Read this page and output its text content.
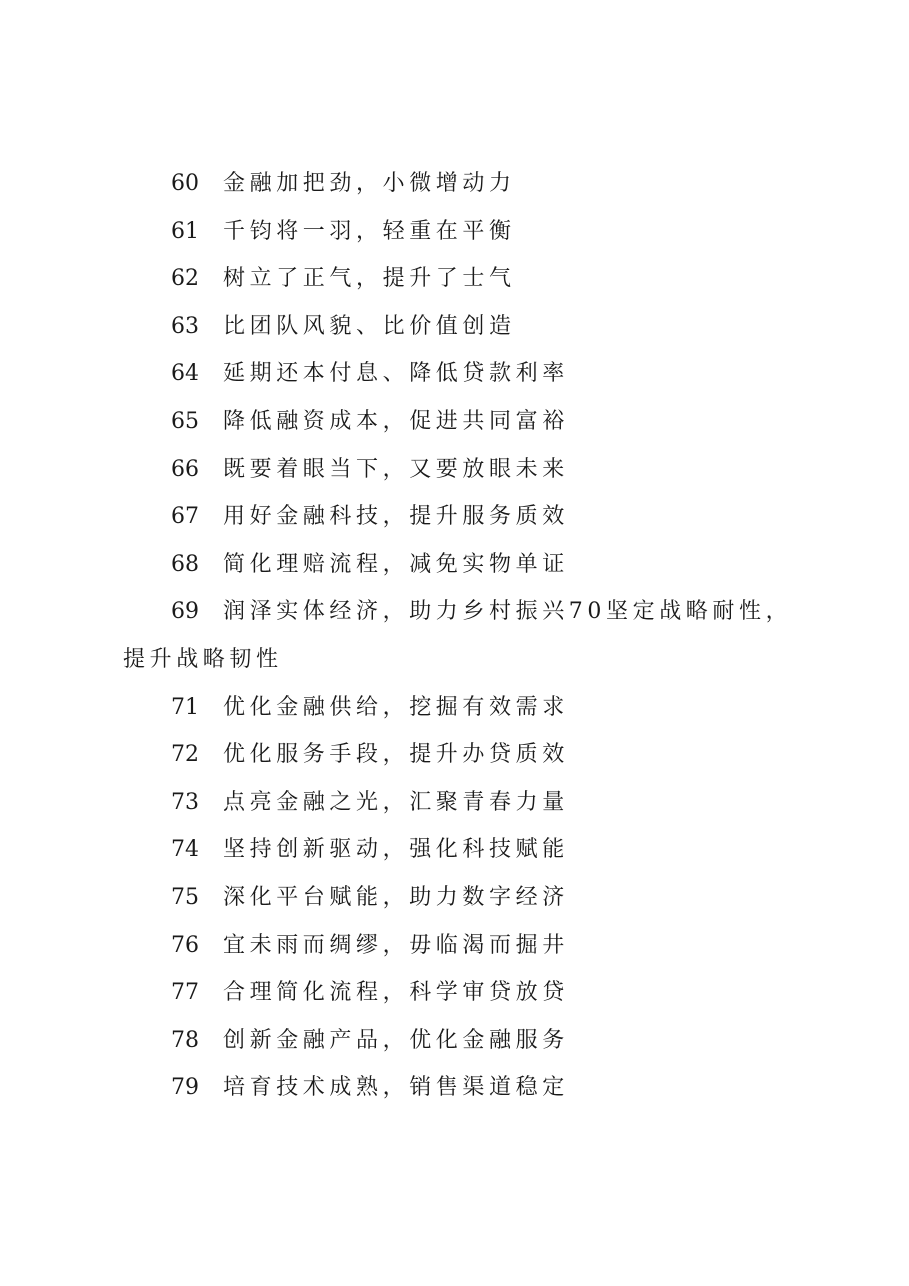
60 金融加把劲，小微增动力

61 千钧将一羽，轻重在平衡

62 树立了正气，提升了士气

63 比团队风貌、比价值创造

64 延期还本付息、降低贷款利率

65 降低融资成本，促进共同富裕

66 既要着眼当下，又要放眼未来

67 用好金融科技，提升服务质效

68 简化理赔流程，减免实物单证

69 润泽实体经济，助力乡村振兴70坚定战略耐性，提升战略韧性

71 优化金融供给，挖掘有效需求

72 优化服务手段，提升办贷质效

73 点亮金融之光，汇聚青春力量

74 坚持创新驱动，强化科技赋能

75 深化平台赋能，助力数字经济

76 宜未雨而绸缪，毋临渴而掘井

77 合理简化流程，科学审贷放贷

78 创新金融产品，优化金融服务

79 培育技术成熟，销售渠道稳定
